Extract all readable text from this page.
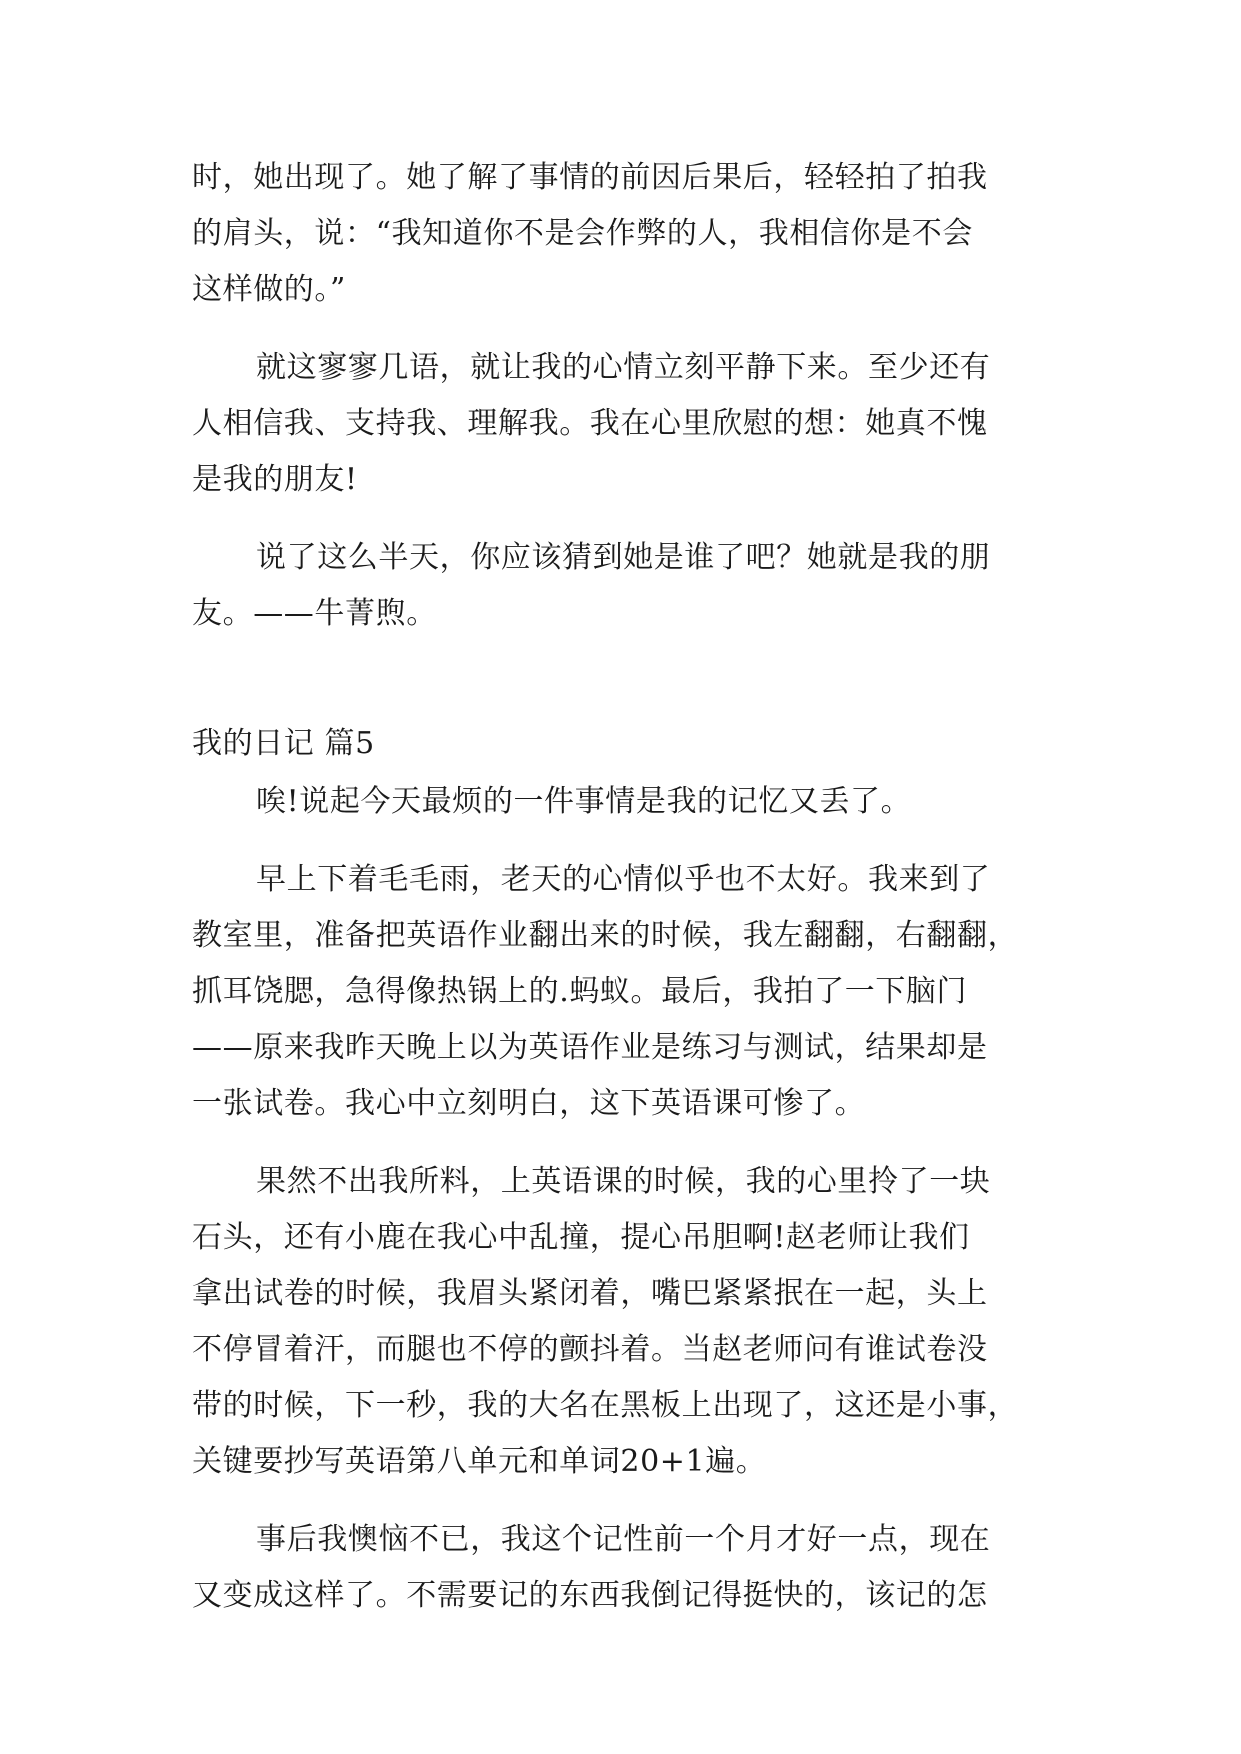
时，她出现了。她了解了事情的前因后果后，轻轻拍了拍我
的肩头，说：“我知道你不是会作弊的人，我相信你是不会
这样做的。”
就这寥寥几语，就让我的心情立刻平静下来。至少还有
人相信我、支持我、理解我。我在心里欣慰的想：她真不愧
是我的朋友!
说了这么半天，你应该猜到她是谁了吧？她就是我的朋
友。——牛菁煦。
我的日记 篇5
唉!说起今天最烦的一件事情是我的记忆又丢了。
早上下着毛毛雨，老天的心情似乎也不太好。我来到了
教室里，准备把英语作业翻出来的时候，我左翻翻，右翻翻，
抓耳饶腮，急得像热锅上的.蚂蚁。最后，我拍了一下脑门
——原来我昨天晚上以为英语作业是练习与测试，结果却是
一张试卷。我心中立刻明白，这下英语课可惨了。
果然不出我所料，上英语课的时候，我的心里拎了一块
石头，还有小鹿在我心中乱撞，提心吊胆啊!赵老师让我们
拿出试卷的时候，我眉头紧闭着，嘴巴紧紧抿在一起，头上
不停冒着汗，而腿也不停的颤抖着。当赵老师问有谁试卷没
带的时候，下一秒，我的大名在黑板上出现了，这还是小事，
关键要抄写英语第八单元和单词20+1遍。
事后我懊恼不已，我这个记性前一个月才好一点，现在
又变成这样了。不需要记的东西我倒记得挺快的，该记的怎
